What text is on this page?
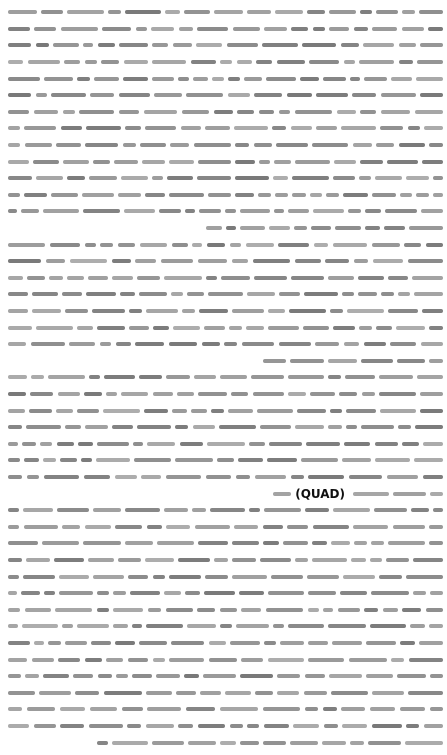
(QUAD)
